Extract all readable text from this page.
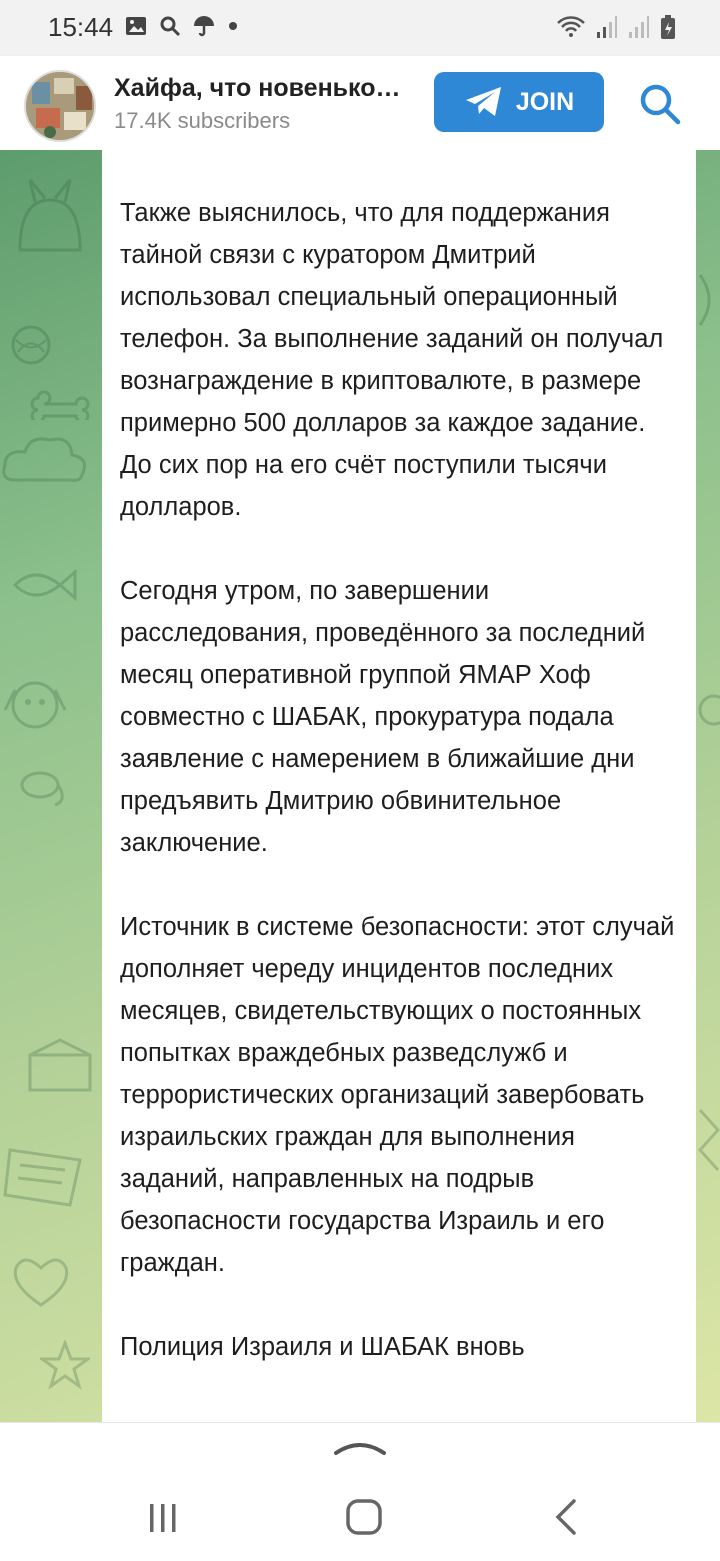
15:44
Хайфа, что новенько…
17.4K subscribers
JOIN

Также выяснилось, что для поддержания тайной связи с куратором Дмитрий использовал специальный операционный телефон. За выполнение заданий он получал вознаграждение в криптовалюте, в размере примерно 500 долларов за каждое задание. До сих пор на его счёт поступили тысячи долларов.

Сегодня утром, по завершении расследования, проведённого за последний месяц оперативной группой ЯМАР Хоф совместно с ШАБАК, прокуратура подала заявление с намерением в ближайшие дни предъявить Дмитрию обвинительное заключение.

Источник в системе безопасности: этот случай дополняет череду инцидентов последних месяцев, свидетельствующих о постоянных попытках враждебных разведслужб и террористических организаций завербовать израильских граждан для выполнения заданий, направленных на подрыв безопасности государства Израиль и его граждан.

Полиция Израиля и ШАБАК вновь
